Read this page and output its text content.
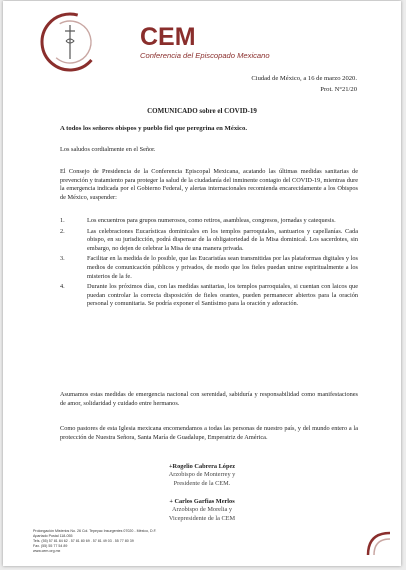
CEM
Conferencia del Episcopado Mexicano
Ciudad de México, a 16 de marzo 2020.
Prot. N°21/20
COMUNICADO sobre el COVID-19
A todos los señores obispos y pueblo fiel que peregrina en México.
Los saludos cordialmente en el Señor.
El Consejo de Presidencia de la Conferencia Episcopal Mexicana, acatando las últimas medidas sanitarias de prevención y tratamiento para proteger la salud de la ciudadanía del inminente contagio del COVID-19, mientras dure la emergencia indicada por el Gobierno Federal, y alertas internacionales recomienda encarecidamente a los Obispos de México, suspender:
1.	Los encuentros para grupos numerosos, como retiros, asambleas, congresos, jornadas y catequesis.
2.	Las celebraciones Eucarísticas dominicales en los templos parroquiales, santuarios y capellanías. Cada obispo, en su jurisdicción, podrá dispensar de la obligatoriedad de la Misa dominical. Los sacerdotes, sin embargo, no dejen de celebrar la Misa de una manera privada.
3.	Facilitar en la medida de lo posible, que las Eucaristías sean transmitidas por las plataformas digitales y los medios de comunicación públicos y privados, de modo que los fieles puedan unirse espiritualmente a los misterios de la fe.
4.	Durante los próximos días, con las medidas sanitarias, los templos parroquiales, si cuentan con laicos que puedan controlar la correcta disposición de fieles orantes, pueden permanecer abiertos para la oración personal y comunitaria. Se podría exponer el Santísimo para la oración y adoración.
Asumamos estas medidas de emergencia nacional con serenidad, sabiduría y responsabilidad como manifestaciones de amor, solidaridad y cuidado entre hermanos.
Como pastores de esta Iglesia mexicana encomendamos a todas las personas de nuestro país, y del mundo entero a la protección de Nuestra Señora, Santa María de Guadalupe, Emperatriz de América.
+Rogelio Cabrera López
Arzobispo de Monterrey y
Presidente de la CEM.
+ Carlos Garfias Merlos
Arzobispo de Morelia y
Vicepresidente de la CEM
Prolongación Misterios No. 26 Col. Tepeyac Insurgentes 07020 - México, D.F.
Apartado Postal 118-055
Tels. (55) 57 81 84 62 . 57 81 80 69 . 57 81 49 03 . 55 77 80 39
Fax. (55) 55 77 54 89
www.cem.org.mx
